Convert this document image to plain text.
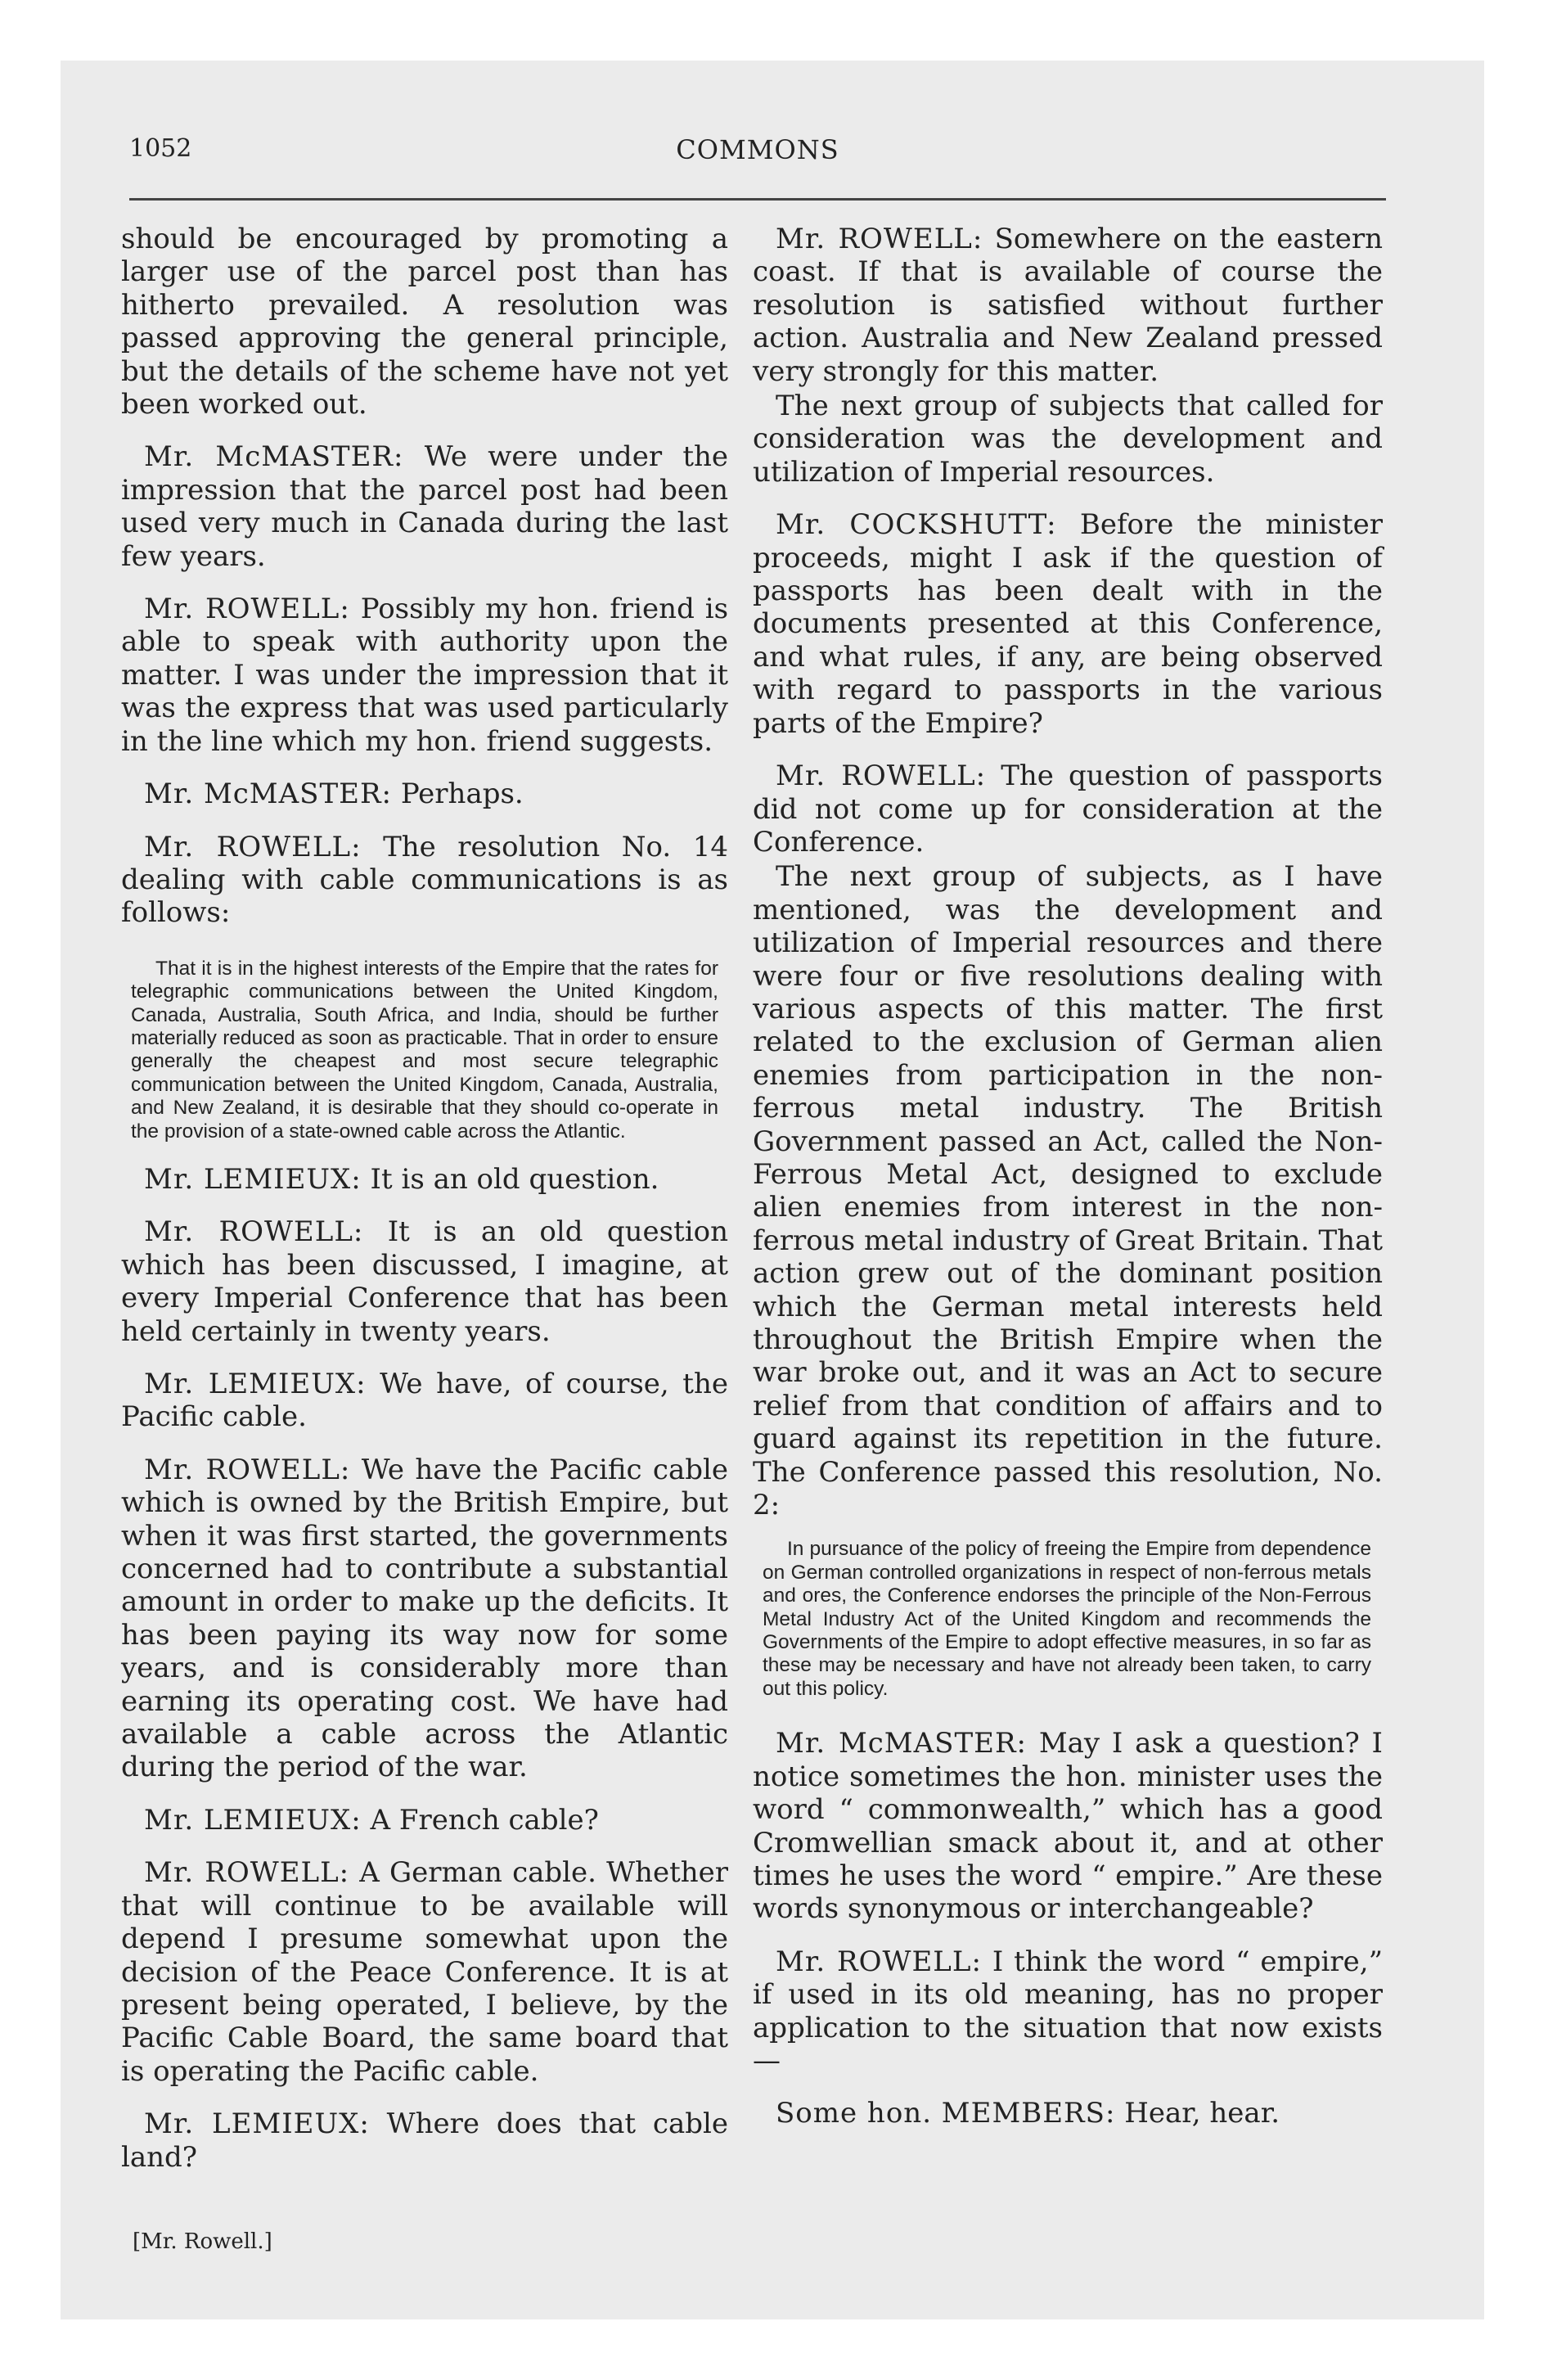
1052	COMMONS

should be encouraged by promoting a larger use of the parcel post than has hitherto prevailed. A resolution was passed approving the general principle, but the details of the scheme have not yet been worked out.

Mr. McMASTER: We were under the impression that the parcel post had been used very much in Canada during the last few years.

Mr. ROWELL: Possibly my hon. friend is able to speak with authority upon the matter. I was under the impression that it was the express that was used particularly in the line which my hon. friend suggests.

Mr. McMASTER: Perhaps.

Mr. ROWELL: The resolution No. 14 dealing with cable communications is as follows:

That it is in the highest interests of the Empire that the rates for telegraphic communications between the United Kingdom, Canada, Australia, South Africa, and India, should be further materially reduced as soon as practicable. That in order to ensure generally the cheapest and most secure telegraphic communication between the United Kingdom, Canada, Australia, and New Zealand, it is desirable that they should co-operate in the provision of a state-owned cable across the Atlantic.

Mr. LEMIEUX: It is an old question.

Mr. ROWELL: It is an old question which has been discussed, I imagine, at every Imperial Conference that has been held certainly in twenty years.

Mr. LEMIEUX: We have, of course, the Pacific cable.

Mr. ROWELL: We have the Pacific cable which is owned by the British Empire, but when it was first started, the governments concerned had to contribute a substantial amount in order to make up the deficits. It has been paying its way now for some years, and is considerably more than earning its operating cost. We have had available a cable across the Atlantic during the period of the war.

Mr. LEMIEUX: A French cable?

Mr. ROWELL: A German cable. Whether that will continue to be available will depend I presume somewhat upon the decision of the Peace Conference. It is at present being operated, I believe, by the Pacific Cable Board, the same board that is operating the Pacific cable.

Mr. LEMIEUX: Where does that cable land?

[Mr. Rowell.]

Mr. ROWELL: Somewhere on the eastern coast. If that is available of course the resolution is satisfied without further action. Australia and New Zealand pressed very strongly for this matter.

The next group of subjects that called for consideration was the development and utilization of Imperial resources.

Mr. COCKSHUTT: Before the minister proceeds, might I ask if the question of passports has been dealt with in the documents presented at this Conference, and what rules, if any, are being observed with regard to passports in the various parts of the Empire?

Mr. ROWELL: The question of passports did not come up for consideration at the Conference.

The next group of subjects, as I have mentioned, was the development and utilization of Imperial resources and there were four or five resolutions dealing with various aspects of this matter. The first related to the exclusion of German alien enemies from participation in the non-ferrous metal industry. The British Government passed an Act, called the Non-Ferrous Metal Act, designed to exclude alien enemies from interest in the non-ferrous metal industry of Great Britain. That action grew out of the dominant position which the German metal interests held throughout the British Empire when the war broke out, and it was an Act to secure relief from that condition of affairs and to guard against its repetition in the future. The Conference passed this resolution, No. 2:

In pursuance of the policy of freeing the Empire from dependence on German controlled organizations in respect of non-ferrous metals and ores, the Conference endorses the principle of the Non-Ferrous Metal Industry Act of the United Kingdom and recommends the Governments of the Empire to adopt effective measures, in so far as these may be necessary and have not already been taken, to carry out this policy.

Mr. McMASTER: May I ask a question? I notice sometimes the hon. minister uses the word “ commonwealth,” which has a good Cromwellian smack about it, and at other times he uses the word “ empire.” Are these words synonymous or interchangeable?

Mr. ROWELL: I think the word “ empire,” if used in its old meaning, has no proper application to the situation that now exists—

Some hon. MEMBERS: Hear, hear.
